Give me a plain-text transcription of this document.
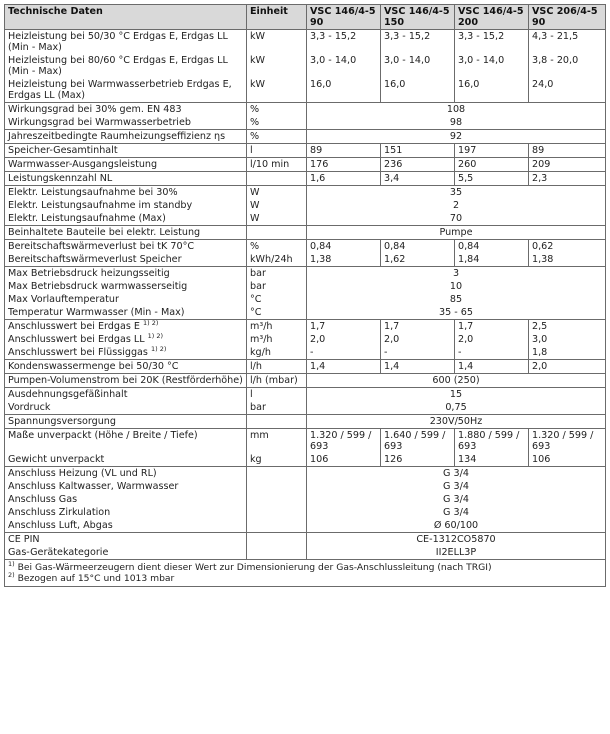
Technische Daten	Einheit	VSC 146/4-5 90	VSC 146/4-5 150	VSC 146/4-5 200	VSC 206/4-5 90
Heizleistung bei 50/30 °C Erdgas E, Erdgas LL (Min - Max)	kW	3,3 - 15,2	3,3 - 15,2	3,3 - 15,2	4,3 - 21,5
Heizleistung bei 80/60 °C Erdgas E, Erdgas LL (Min - Max)	kW	3,0 - 14,0	3,0 - 14,0	3,0 - 14,0	3,8 - 20,0
Heizleistung bei Warmwasserbetrieb Erdgas E, Erdgas LL (Max)	kW	16,0	16,0	16,0	24,0
Wirkungsgrad bei 30% gem. EN 483	%	108			
Wirkungsgrad bei Warmwasserbetrieb	%	98			
Jahreszeitbedingte Raumheizungseffizienz ηs	%	92			
Speicher-Gesamtinhalt	l	89	151	197	89
Warmwasser-Ausgangsleistung	l/10 min	176	236	260	209
Leistungskennzahl NL		1,6	3,4	5,5	2,3
Elektr. Leistungsaufnahme bei 30%	W	35			
Elektr. Leistungsaufnahme im standby	W	2			
Elektr. Leistungsaufnahme (Max)	W	70			
Beinhaltete Bauteile bei elektr. Leistung		Pumpe			
Bereitschaftswärmeverlust bei tK 70°C	%	0,84	0,84	0,84	0,62
Bereitschaftswärmeverlust Speicher	kWh/24h	1,38	1,62	1,84	1,38
Max Betriebsdruck heizungsseitig	bar	3			
Max Betriebsdruck warmwasserseitig	bar	10			
Max Vorlauftemperatur	°C	85			
Temperatur Warmwasser (Min - Max)	°C	35 - 65			
Anschlusswert bei Erdgas E $^{1) 2)}$	m³/h	1,7	1,7	1,7	2,5
Anschlusswert bei Erdgas LL $^{1) 2)}$	m³/h	2,0	2,0	2,0	3,0
Anschlusswert bei Flüssiggas $^{1) 2)}$	kg/h	-	-	-	1,8
Kondenswassermenge bei 50/30 °C	l/h	1,4	1,4	1,4	2,0
Pumpen-Volumenstrom bei 20K (Restförderhöhe)	l/h (mbar)	600 (250)			
Ausdehnungsgefäßinhalt	l	15			
Vordruck	bar	0,75			
Spannungsversorgung		230V/50Hz			
Maße unverpackt (Höhe / Breite / Tiefe)	mm	1.320 / 599 / 693	1.640 / 599 / 693	1.880 / 599 / 693	1.320 / 599 / 693
Gewicht unverpackt	kg	106	126	134	106
Anschluss Heizung (VL und RL)		G 3/4			
Anschluss Kaltwasser, Warmwasser		G 3/4			
Anschluss Gas		G 3/4			
Anschluss Zirkulation		G 3/4			
Anschluss Luft, Abgas		Ø 60/100			
CE PIN		CE-1312CO5870			
Gas-Gerätekategorie		II2ELL3P			

$^{1)}$ Bei Gas-Wärmeerzeugern dient dieser Wert zur Dimensionierung der Gas-Anschlussleitung (nach TRGI)
$^{2)}$ Bezogen auf 15°C und 1013 mbar					
